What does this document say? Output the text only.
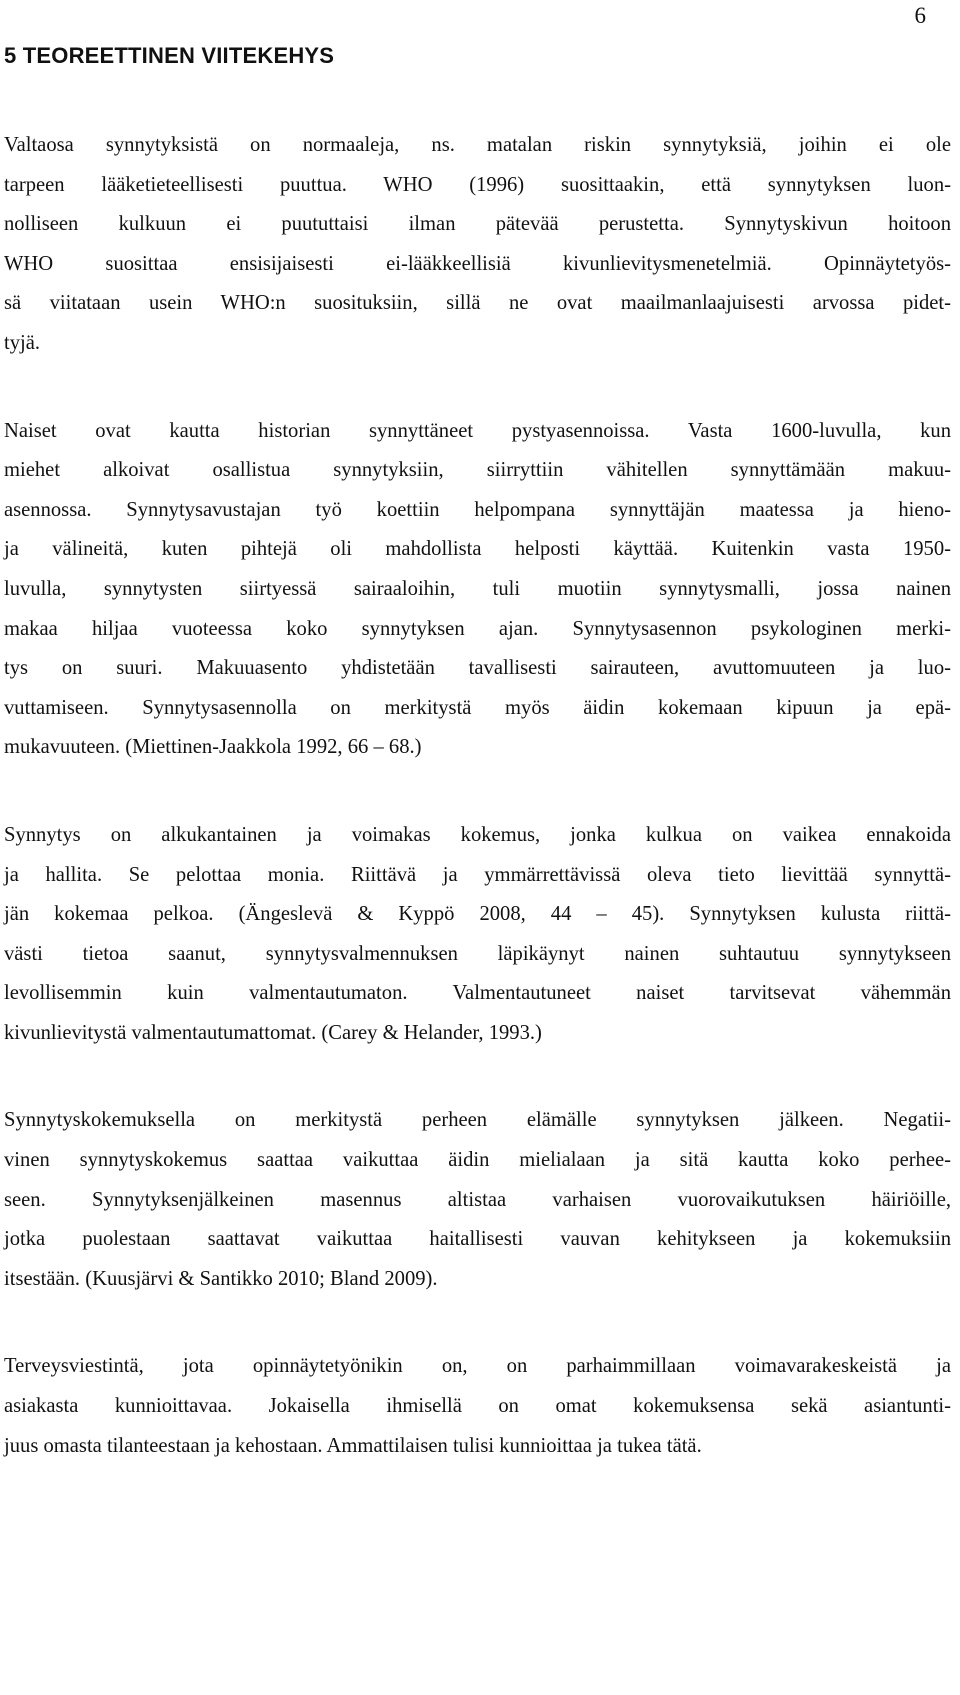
6
5 TEOREETTINEN VIITEKEHYS
Valtaosa synnytyksistä on normaaleja, ns. matalan riskin synnytyksiä, joihin ei ole
tarpeen lääketieteellisesti puuttua. WHO (1996) suosittaakin, että synnytyksen luon-
nolliseen kulkuun ei puututtaisi ilman pätevää perustetta. Synnytyskivun hoitoon
WHO suosittaa ensisijaisesti ei-lääkkeellisiä kivunlievitysmenetelmiä. Opinnäytetyös-
sä viitataan usein WHO:n suosituksiin, sillä ne ovat maailmanlaajuisesti arvossa pidet-
tyjä.
Naiset ovat kautta historian synnyttäneet pystyasennoissa. Vasta 1600-luvulla, kun
miehet alkoivat osallistua synnytyksiin, siirryttiin vähitellen synnyttämään makuu-
asennossa. Synnytysavustajan työ koettiin helpompana synnyttäjän maatessa ja hieno-
ja välineitä, kuten pihtejä oli mahdollista helposti käyttää. Kuitenkin vasta 1950-
luvulla, synnytysten siirtyessä sairaaloihin, tuli muotiin synnytysmalli, jossa nainen
makaa hiljaa vuoteessa koko synnytyksen ajan. Synnytysasennon psykologinen merki-
tys on suuri. Makuuasento yhdistetään tavallisesti sairauteen, avuttomuuteen ja luo-
vuttamiseen. Synnytysasennolla on merkitystä myös äidin kokemaan kipuun ja epä-
mukavuuteen. (Miettinen-Jaakkola 1992, 66 – 68.)
Synnytys on alkukantainen ja voimakas kokemus, jonka kulkua on vaikea ennakoida
ja hallita. Se pelottaa monia. Riittävä ja ymmärrettävissä oleva tieto lievittää synnyttä-
jän kokemaa pelkoa. (Ängeslevä & Kyppö 2008, 44 – 45). Synnytyksen kulusta riittä-
västi tietoa saanut, synnytysvalmennuksen läpikäynyt nainen suhtautuu synnytykseen
levollisemmin kuin valmentautumaton. Valmentautuneet naiset tarvitsevat vähemmän
kivunlievitystä valmentautumattomat. (Carey & Helander, 1993.)
Synnytyskokemuksella on merkitystä perheen elämälle synnytyksen jälkeen. Negatii-
vinen synnytyskokemus saattaa vaikuttaa äidin mielialaan ja sitä kautta koko perhee-
seen. Synnytyksenjälkeinen masennus altistaa varhaisen vuorovaikutuksen häiriöille,
jotka puolestaan saattavat vaikuttaa haitallisesti vauvan kehitykseen ja kokemuksiin
itsestään. (Kuusjärvi & Santikko 2010; Bland 2009).
Terveysviestintä, jota opinnäytetyönikin on, on parhaimmillaan voimavarakeskeistä ja
asiakasta kunnioittavaa. Jokaisella ihmisellä on omat kokemuksensa sekä asiantunti-
juus omasta tilanteestaan ja kehostaan. Ammattilaisen tulisi kunnioittaa ja tukea tätä.
